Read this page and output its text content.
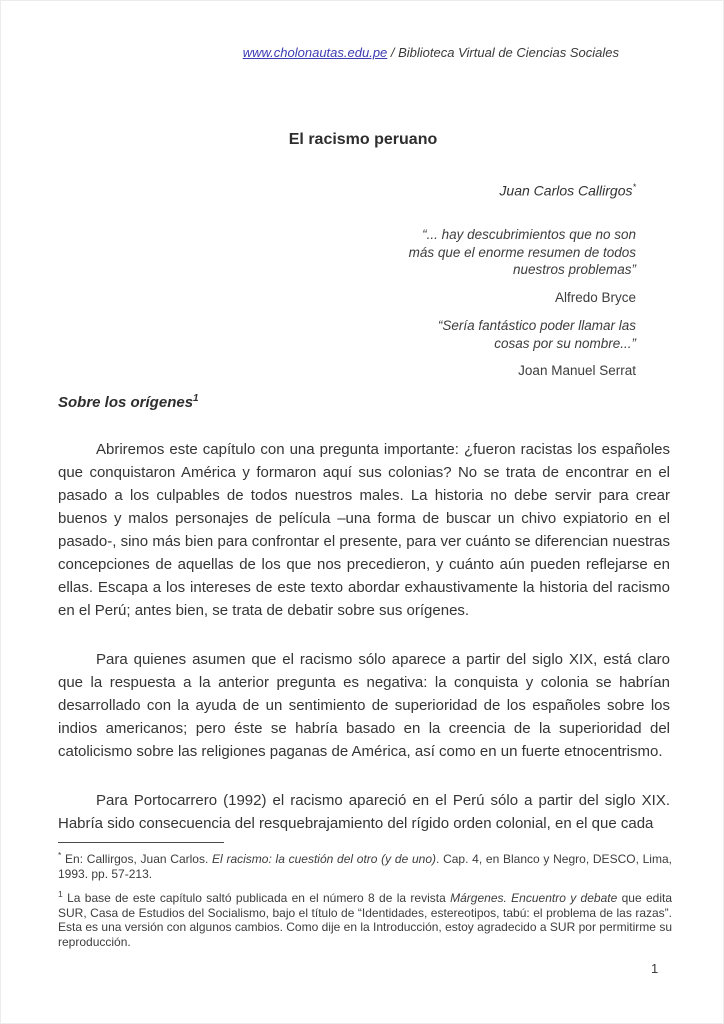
www.cholonautas.edu.pe / Biblioteca Virtual de Ciencias Sociales
El racismo peruano
Juan Carlos Callirgos*
“... hay descubrimientos que no son
más que el enorme resumen de todos
nuestros problemas”
Alfredo Bryce
“Sería fantástico poder llamar las
cosas por su nombre...”
Joan Manuel Serrat
Sobre los orígenes$^1$

Abriremos este capítulo con una pregunta importante: ¿fueron racistas los españoles que conquistaron América y formaron aquí sus colonias? No se trata de encontrar en el pasado a los culpables de todos nuestros males. La historia no debe servir para crear buenos y malos personajes de película –una forma de buscar un chivo expiatorio en el pasado-, sino más bien para confrontar el presente, para ver cuánto se diferencian nuestras concepciones de aquellas de los que nos precedieron, y cuánto aún pueden reflejarse en ellas. Escapa a los intereses de este texto abordar exhaustivamente la historia del racismo en el Perú; antes bien, se trata de debatir sobre sus orígenes.

Para quienes asumen que el racismo sólo aparece a partir del siglo XIX, está claro que la respuesta a la anterior pregunta es negativa: la conquista y colonia se habrían desarrollado con la ayuda de un sentimiento de superioridad de los españoles sobre los indios americanos; pero éste se habría basado en la creencia de la superioridad del catolicismo sobre las religiones paganas de América, así como en un fuerte etnocentrismo.

Para Portocarrero (1992) el racismo apareció en el Perú sólo a partir del siglo XIX. Habría sido consecuencia del resquebrajamiento del rígido orden colonial, en el que cada

* En: Callirgos, Juan Carlos. El racismo: la cuestión del otro (y de uno). Cap. 4, en Blanco y Negro, DESCO, Lima, 1993. pp. 57-213.
$^1$ La base de este capítulo saltó publicada en el número 8 de la revista Márgenes. Encuentro y debate que edita SUR, Casa de Estudios del Socialismo, bajo el título de “Identidades, estereotipos, tabú: el problema de las razas”. Esta es una versión con algunos cambios. Como dije en la Introducción, estoy agradecido a SUR por permitirme su reproducción.
1
